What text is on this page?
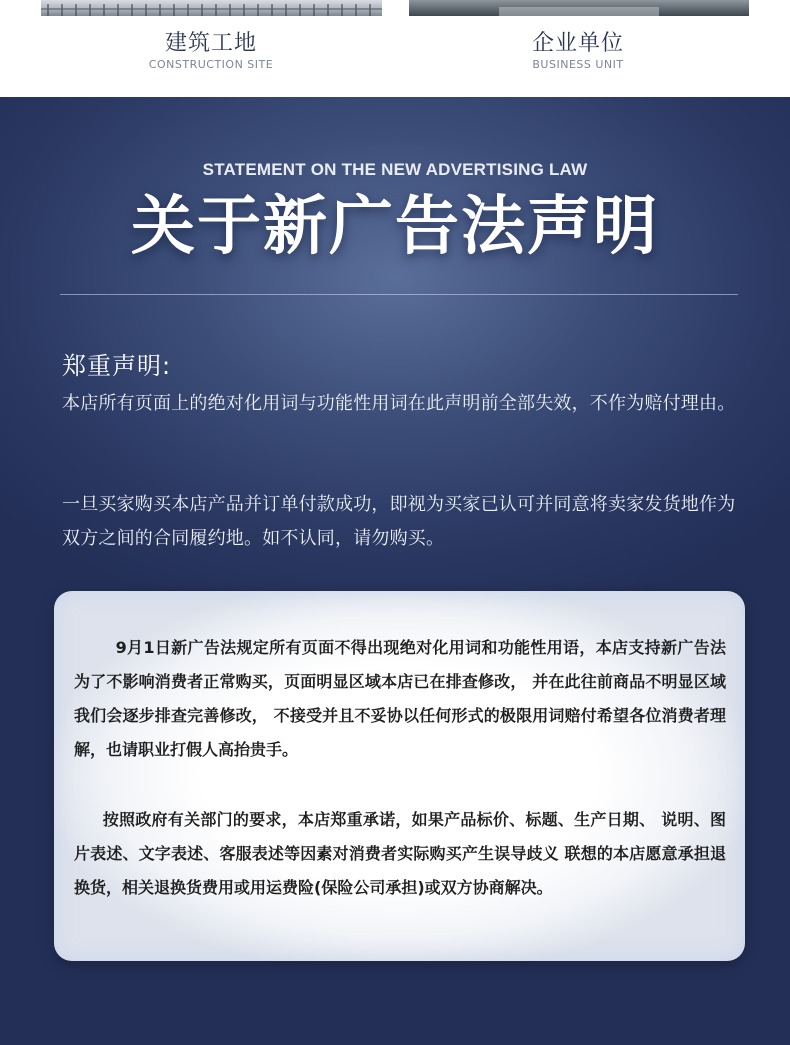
建筑工地
CONSTRUCTION SITE
企业单位
BUSINESS UNIT
STATEMENT ON THE NEW ADVERTISING LAW
关于新广告法声明
郑重声明:

本店所有页面上的绝对化用词与功能性用词在此声明前全部失效，不作为赔付理由。

一旦买家购买本店产品并订单付款成功，即视为买家已认可并同意将卖家发货地作为双方之间的合同履约地。如不认同，请勿购买。

9月1日新广告法规定所有页面不得出现绝对化用词和功能性用语，本店支持新广告法为了不影响消费者正常购买，页面明显区域本店已在排查修改， 并在此往前商品不明显区域我们会逐步排查完善修改， 不接受并且不妥协以任何形式的极限用词赔付希望各位消费者理解，也请职业打假人高抬贵手。

按照政府有关部门的要求，本店郑重承诺，如果产品标价、标题、生产日期、 说明、图片表述、文字表述、客服表述等因素对消费者实际购买产生误导歧义 联想的本店愿意承担退换货，相关退换货费用或用运费险(保险公司承担)或双方协商解决。
